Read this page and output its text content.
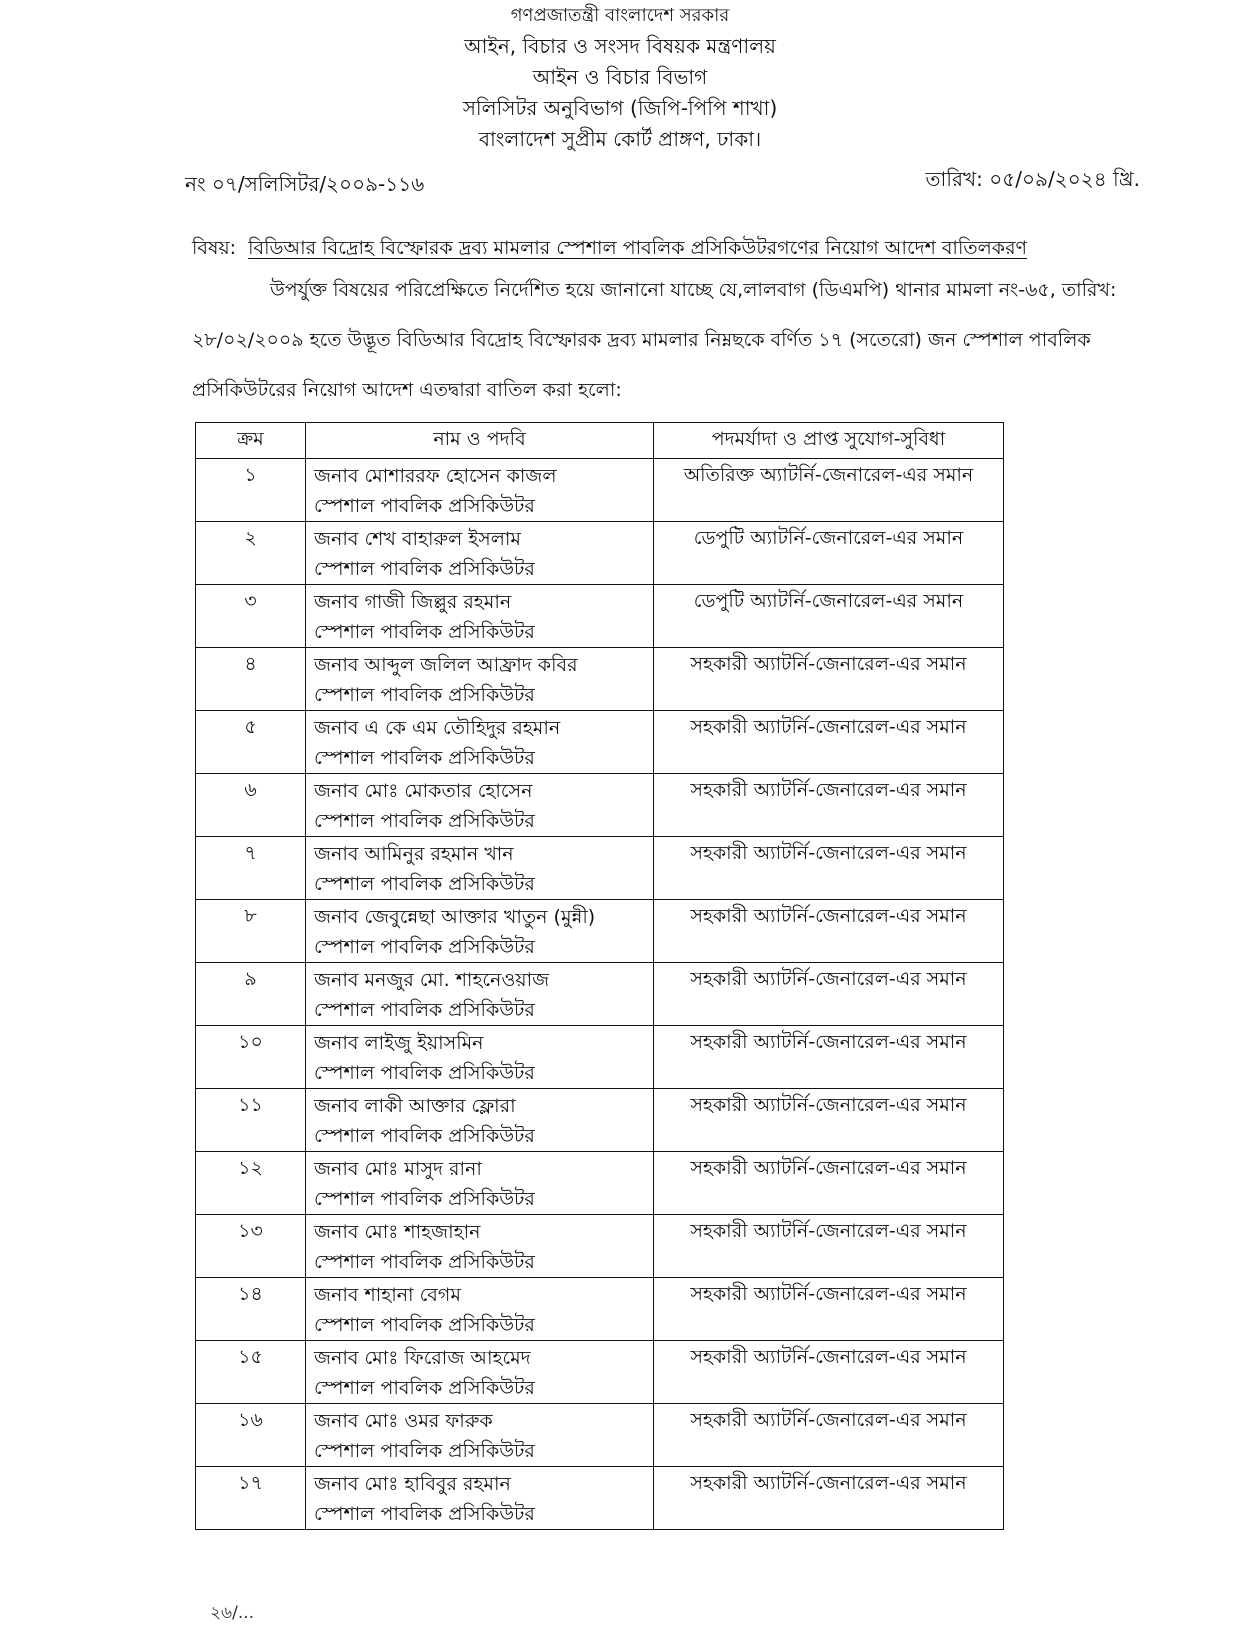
গণপ্রজাতন্ত্রী বাংলাদেশ সরকার
আইন, বিচার ও সংসদ বিষয়ক মন্ত্রণালয়
আইন ও বিচার বিভাগ
সলিসিটর অনুবিভাগ (জিপি-পিপি শাখা)
বাংলাদেশ সুপ্রীম কোর্ট প্রাঙ্গণ, ঢাকা।
নং ০৭/সলিসিটর/২০০৯-১১৬	তারিখ: ০৫/০৯/২০২৪ খ্রি.
বিষয়: বিডিআর বিদ্রোহ বিস্ফোরক দ্রব্য মামলার স্পেশাল পাবলিক প্রসিকিউটরগণের নিয়োগ আদেশ বাতিলকরণ
উপর্যুক্ত বিষয়ের পরিপ্রেক্ষিতে নির্দেশিত হয়ে জানানো যাচ্ছে যে,লালবাগ (ডিএমপি) থানার মামলা নং-৬৫, তারিখ: ২৮/০২/২০০৯ হতে উদ্ভূত বিডিআর বিদ্রোহ বিস্ফোরক দ্রব্য মামলার নিম্নছকে বর্ণিত ১৭ (সতেরো) জন স্পেশাল পাবলিক প্রসিকিউটরের নিয়োগ আদেশ এতদ্বারা বাতিল করা হলো:
ক্রম	নাম ও পদবি	পদমর্যাদা ও প্রাপ্ত সুযোগ-সুবিধা
১	জনাব মোশাররফ হোসেন কাজল
স্পেশাল পাবলিক প্রসিকিউটর	অতিরিক্ত অ্যাটর্নি-জেনারেল-এর সমান
২	জনাব শেখ বাহারুল ইসলাম
স্পেশাল পাবলিক প্রসিকিউটর	ডেপুটি অ্যাটর্নি-জেনারেল-এর সমান
৩	জনাব গাজী জিল্লুর রহমান
স্পেশাল পাবলিক প্রসিকিউটর	ডেপুটি অ্যাটর্নি-জেনারেল-এর সমান
৪	জনাব আব্দুল জলিল আফ্রাদ কবির
স্পেশাল পাবলিক প্রসিকিউটর	সহকারী অ্যাটর্নি-জেনারেল-এর সমান
৫	জনাব এ কে এম তৌহিদুর রহমান
স্পেশাল পাবলিক প্রসিকিউটর	সহকারী অ্যাটর্নি-জেনারেল-এর সমান
৬	জনাব মোঃ মোকতার হোসেন
স্পেশাল পাবলিক প্রসিকিউটর	সহকারী অ্যাটর্নি-জেনারেল-এর সমান
৭	জনাব আমিনুর রহমান খান
স্পেশাল পাবলিক প্রসিকিউটর	সহকারী অ্যাটর্নি-জেনারেল-এর সমান
৮	জনাব জেবুন্নেছা আক্তার খাতুন (মুন্নী)
স্পেশাল পাবলিক প্রসিকিউটর	সহকারী অ্যাটর্নি-জেনারেল-এর সমান
৯	জনাব মনজুর মো. শাহনেওয়াজ
স্পেশাল পাবলিক প্রসিকিউটর	সহকারী অ্যাটর্নি-জেনারেল-এর সমান
১০	জনাব লাইজু ইয়াসমিন
স্পেশাল পাবলিক প্রসিকিউটর	সহকারী অ্যাটর্নি-জেনারেল-এর সমান
১১	জনাব লাকী আক্তার ফ্লোরা
স্পেশাল পাবলিক প্রসিকিউটর	সহকারী অ্যাটর্নি-জেনারেল-এর সমান
১২	জনাব মোঃ মাসুদ রানা
স্পেশাল পাবলিক প্রসিকিউটর	সহকারী অ্যাটর্নি-জেনারেল-এর সমান
১৩	জনাব মোঃ শাহজাহান
স্পেশাল পাবলিক প্রসিকিউটর	সহকারী অ্যাটর্নি-জেনারেল-এর সমান
১৪	জনাব শাহানা বেগম
স্পেশাল পাবলিক প্রসিকিউটর	সহকারী অ্যাটর্নি-জেনারেল-এর সমান
১৫	জনাব মোঃ ফিরোজ আহমেদ
স্পেশাল পাবলিক প্রসিকিউটর	সহকারী অ্যাটর্নি-জেনারেল-এর সমান
১৬	জনাব মোঃ ওমর ফারুক
স্পেশাল পাবলিক প্রসিকিউটর	সহকারী অ্যাটর্নি-জেনারেল-এর সমান
১৭	জনাব মোঃ হাবিবুর রহমান
স্পেশাল পাবলিক প্রসিকিউটর	সহকারী অ্যাটর্নি-জেনারেল-এর সমান
২৬/...
